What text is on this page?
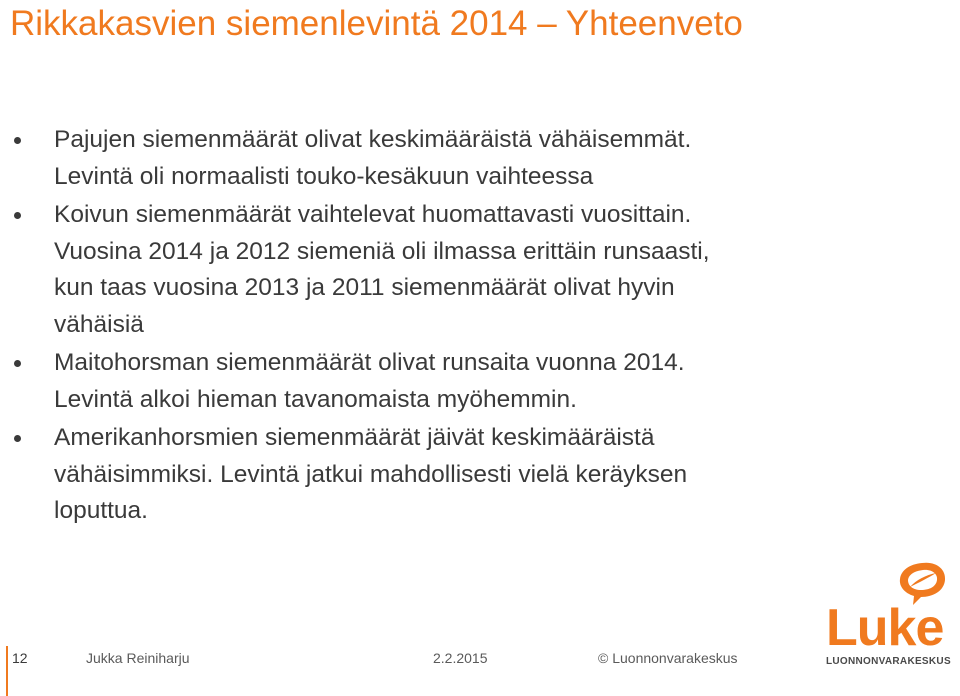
Rikkakasvien siemenlevintä 2014 – Yhteenveto
Pajujen siemenmäärät olivat keskimääräistä vähäisemmät.
Levintä oli normaalisti touko-kesäkuun vaihteessa
Koivun siemenmäärät vaihtelevat huomattavasti vuosittain.
Vuosina 2014 ja 2012 siemeniä oli ilmassa erittäin runsaasti,
kun taas vuosina 2013 ja 2011 siemenmäärät olivat hyvin
vähäisiä
Maitohorsman siemenmäärät olivat runsaita vuonna 2014.
Levintä alkoi hieman tavanomaista myöhemmin.
Amerikanhorsmien siemenmäärät jäivät keskimääräistä
vähäisimmiksi. Levintä jatkui mahdollisesti vielä keräyksen
loputtua.
12	Jukka Reiniharju	2.2.2015	© Luonnonvarakeskus
Luke
LUONNONVARAKESKUS
